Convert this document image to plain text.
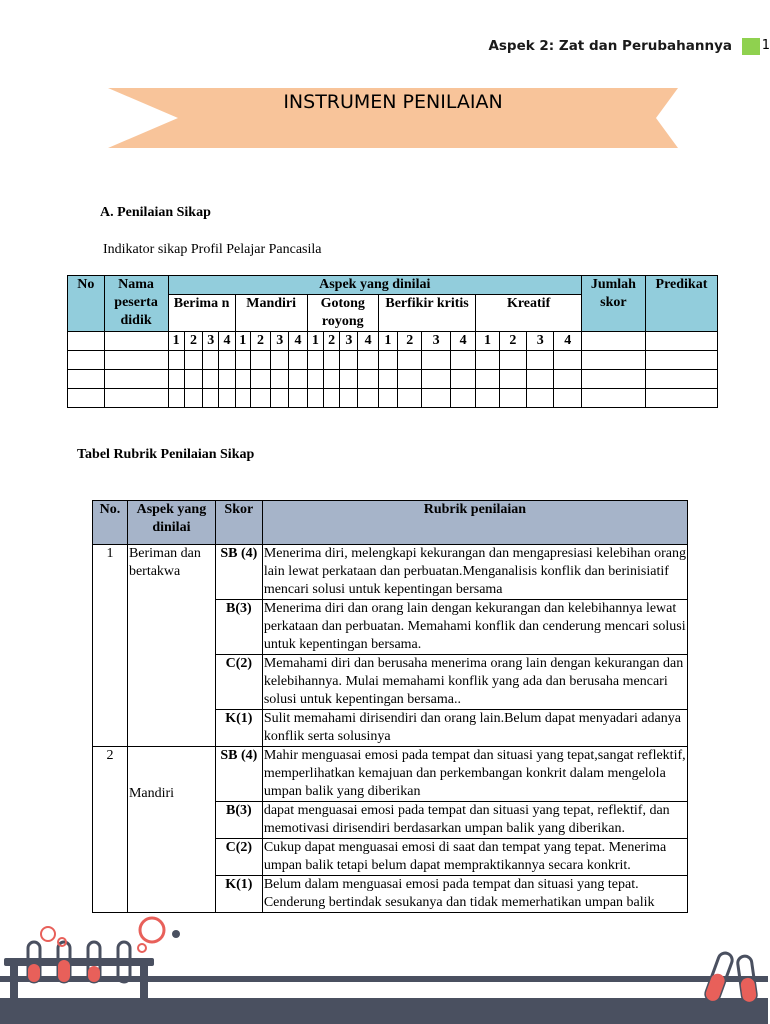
Aspek 2: Zat dan Perubahannya 1
INSTRUMEN PENILAIAN
A. Penilaian Sikap
Indikator sikap Profil Pelajar Pancasila
No	Nama peserta didik	Aspek yang dinilai																				Jumlah skor	Predikat
		Berima n				Mandiri				Gotong royong				Berfikir kritis				Kreatif					
		1	2	3	4	1	2	3	4	1	2	3	4	1	2	3	4	1	2	3	4		

Tabel Rubrik Penilaian Sikap
No.	Aspek yang dinilai	Skor	Rubrik penilaian
1	Beriman dan bertakwa	SB (4)	Menerima diri, melengkapi kekurangan dan mengapresiasi kelebihan orang lain lewat perkataan dan perbuatan.Menganalisis konflik dan berinisiatif mencari solusi untuk kepentingan bersama
		B(3)	Menerima diri dan orang lain dengan kekurangan dan kelebihannya lewat perkataan dan perbuatan. Memahami konflik dan cenderung mencari solusi untuk kepentingan bersama.
		C(2)	Memahami diri dan berusaha menerima orang lain dengan kekurangan dan kelebihannya. Mulai memahami konflik yang ada dan berusaha mencari solusi untuk kepentingan bersama..
		K(1)	Sulit memahami dirisendiri dan orang lain.Belum dapat menyadari adanya konflik serta solusinya
2	Mandiri	SB (4)	Mahir menguasai emosi pada tempat dan situasi yang tepat,sangat reflektif, memperlihatkan kemajuan dan perkembangan konkrit dalam mengelola umpan balik yang diberikan
		B(3)	dapat menguasai emosi pada tempat dan situasi yang tepat, reflektif, dan memotivasi dirisendiri berdasarkan umpan balik yang diberikan.
		C(2)	Cukup dapat menguasai emosi di saat dan tempat yang tepat. Menerima umpan balik tetapi belum dapat mempraktikannya secara konkrit.
		K(1)	Belum dalam menguasai emosi pada tempat dan situasi yang tepat. Cenderung bertindak sesukanya dan tidak memerhatikan umpan balik
